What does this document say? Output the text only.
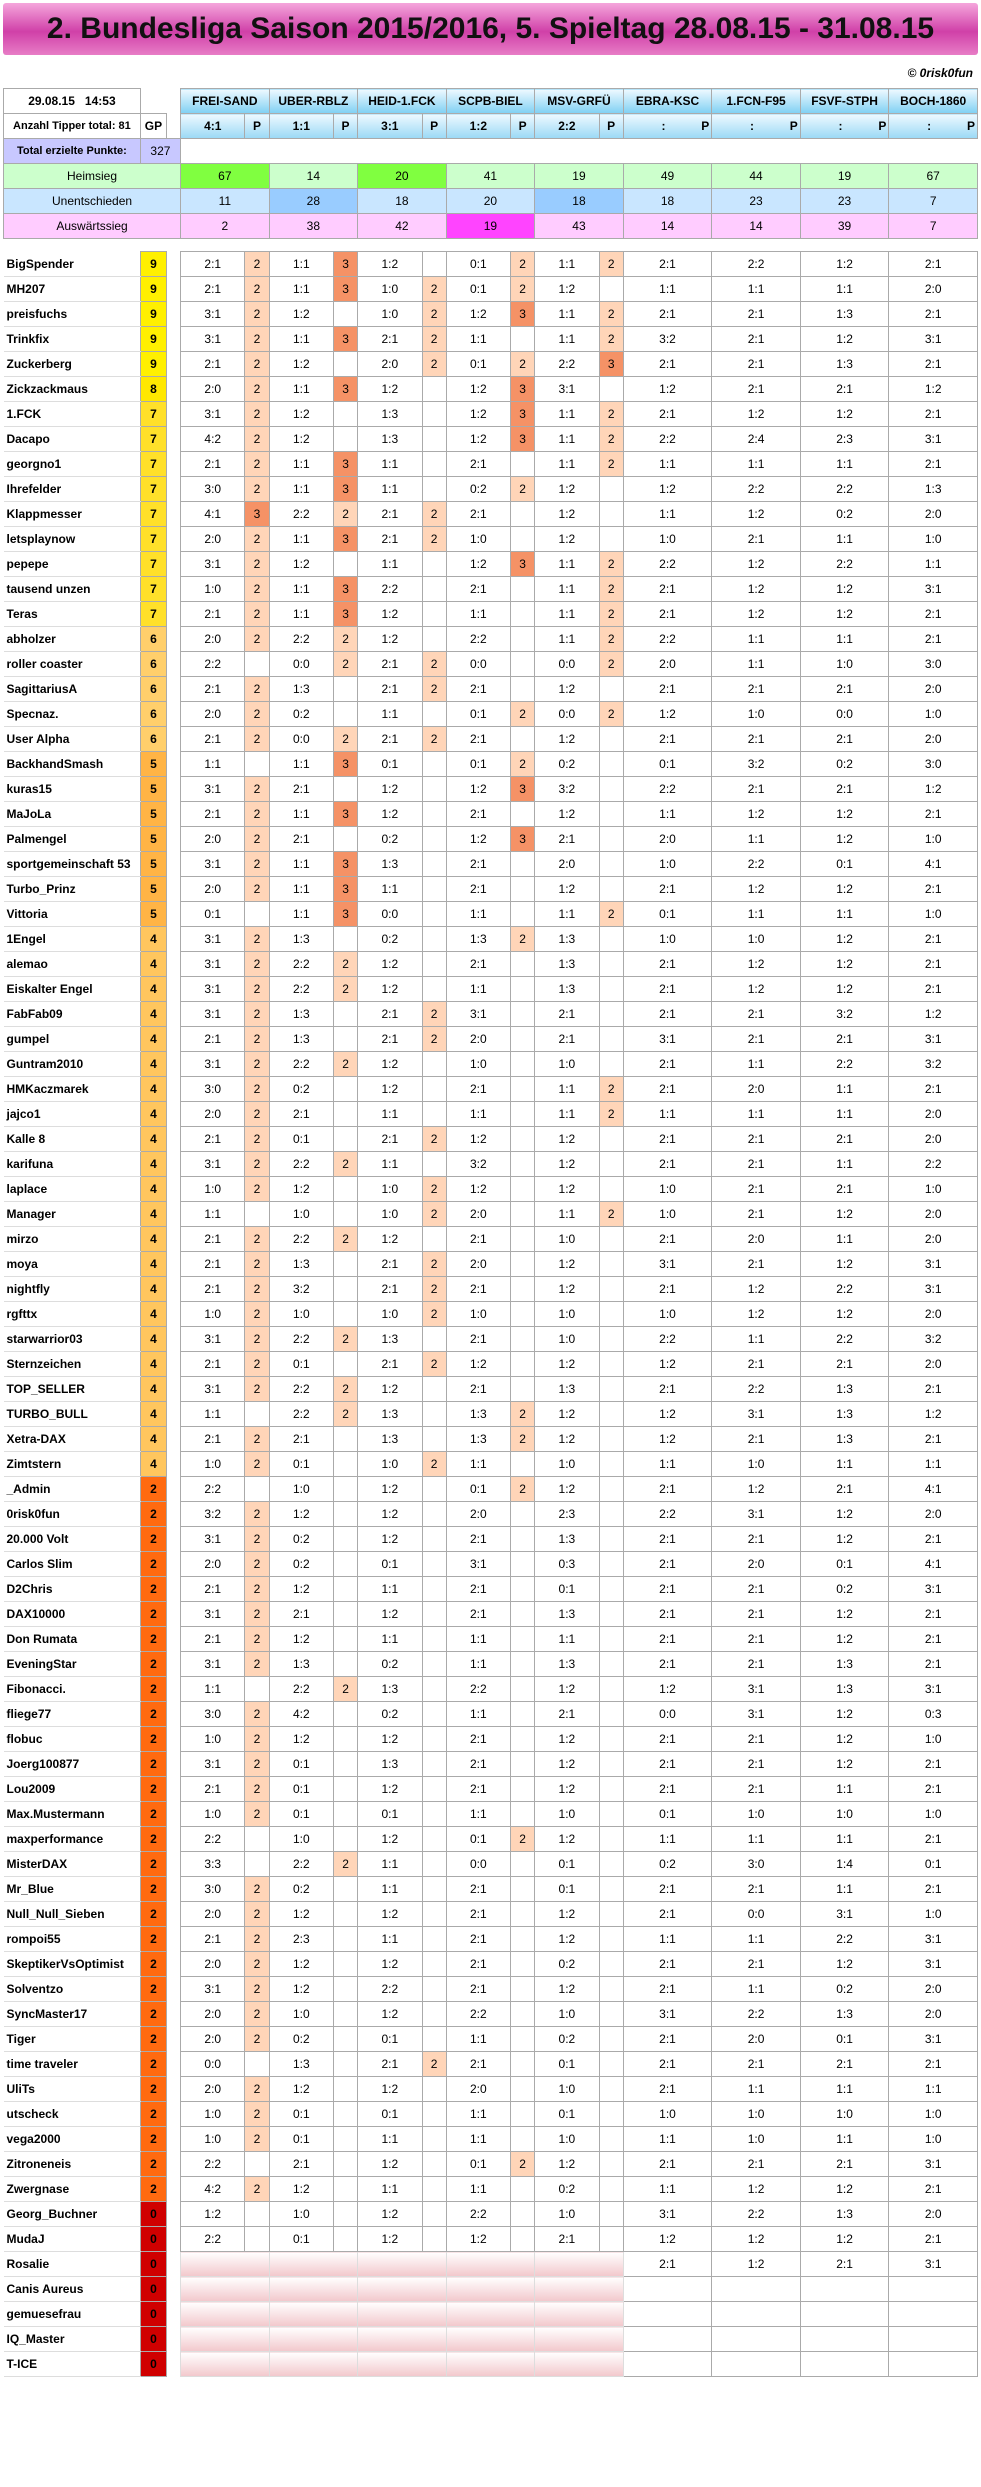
2. Bundesliga Saison 2015/2016, 5. Spieltag 28.08.15 - 31.08.15
© 0risk0fun
29.08.15 14:53			FREI-SAND		UBER-RBLZ		HEID-1.FCK		SCPB-BIEL		MSV-GRFÜ		EBRA-KSC	1.FCN-F95	FSVF-STPH	BOCH-1860
Anzahl Tipper total: 81	GP		4:1	P	1:1	P	3:1	P	1:2	P	2:2	P	: P	: P	: P	: P

Total erzielte Punkte:	327															
Heimsieg			67		14		20		41		19		49	44	19	67
Unentschieden			11		28		18		20		18		18	23	23	7
Auswärtssieg			2		38		42		19		43		14	14	39	7

BigSpender	9		2:1	2	1:1	3	1:2		0:1	2	1:1	2	2:1	2:2	1:2	2:1
MH207	9		2:1	2	1:1	3	1:0	2	0:1	2	1:2		1:1	1:1	1:1	2:0
preisfuchs	9		3:1	2	1:2		1:0	2	1:2	3	1:1	2	2:1	2:1	1:3	2:1
Trinkfix	9		3:1	2	1:1	3	2:1	2	1:1		1:1	2	3:2	2:1	1:2	3:1
Zuckerberg	9		2:1	2	1:2		2:0	2	0:1	2	2:2	3	2:1	2:1	1:3	2:1
Zickzackmaus	8		2:0	2	1:1	3	1:2		1:2	3	3:1		1:2	2:1	2:1	1:2
1.FCK	7		3:1	2	1:2		1:3		1:2	3	1:1	2	2:1	1:2	1:2	2:1
Dacapo	7		4:2	2	1:2		1:3		1:2	3	1:1	2	2:2	2:4	2:3	3:1
georgno1	7		2:1	2	1:1	3	1:1		2:1		1:1	2	1:1	1:1	1:1	2:1
Ihrefelder	7		3:0	2	1:1	3	1:1		0:2	2	1:2		1:2	2:2	2:2	1:3
Klappmesser	7		4:1	3	2:2	2	2:1	2	2:1		1:2		1:1	1:2	0:2	2:0
letsplaynow	7		2:0	2	1:1	3	2:1	2	1:0		1:2		1:0	2:1	1:1	1:0
pepepe	7		3:1	2	1:2		1:1		1:2	3	1:1	2	2:2	1:2	2:2	1:1
tausend unzen	7		1:0	2	1:1	3	2:2		2:1		1:1	2	2:1	1:2	1:2	3:1
Teras	7		2:1	2	1:1	3	1:2		1:1		1:1	2	2:1	1:2	1:2	2:1
abholzer	6		2:0	2	2:2	2	1:2		2:2		1:1	2	2:2	1:1	1:1	2:1
roller coaster	6		2:2		0:0	2	2:1	2	0:0		0:0	2	2:0	1:1	1:0	3:0
SagittariusA	6		2:1	2	1:3		2:1	2	2:1		1:2		2:1	2:1	2:1	2:0
Specnaz.	6		2:0	2	0:2		1:1		0:1	2	0:0	2	1:2	1:0	0:0	1:0
User Alpha	6		2:1	2	0:0	2	2:1	2	2:1		1:2		2:1	2:1	2:1	2:0
BackhandSmash	5		1:1		1:1	3	0:1		0:1	2	0:2		0:1	3:2	0:2	3:0
kuras15	5		3:1	2	2:1		1:2		1:2	3	3:2		2:2	2:1	2:1	1:2
MaJoLa	5		2:1	2	1:1	3	1:2		2:1		1:2		1:1	1:2	1:2	2:1
Palmengel	5		2:0	2	2:1		0:2		1:2	3	2:1		2:0	1:1	1:2	1:0
sportgemeinschaft 53	5		3:1	2	1:1	3	1:3		2:1		2:0		1:0	2:2	0:1	4:1
Turbo_Prinz	5		2:0	2	1:1	3	1:1		2:1		1:2		2:1	1:2	1:2	2:1
Vittoria	5		0:1		1:1	3	0:0		1:1		1:1	2	0:1	1:1	1:1	1:0
1Engel	4		3:1	2	1:3		0:2		1:3	2	1:3		1:0	1:0	1:2	2:1
alemao	4		3:1	2	2:2	2	1:2		2:1		1:3		2:1	1:2	1:2	2:1
Eiskalter Engel	4		3:1	2	2:2	2	1:2		1:1		1:3		2:1	1:2	1:2	2:1
FabFab09	4		3:1	2	1:3		2:1	2	3:1		2:1		2:1	2:1	3:2	1:2
gumpel	4		2:1	2	1:3		2:1	2	2:0		2:1		3:1	2:1	2:1	3:1
Guntram2010	4		3:1	2	2:2	2	1:2		1:0		1:0		2:1	1:1	2:2	3:2
HMKaczmarek	4		3:0	2	0:2		1:2		2:1		1:1	2	2:1	2:0	1:1	2:1
jajco1	4		2:0	2	2:1		1:1		1:1		1:1	2	1:1	1:1	1:1	2:0
Kalle 8	4		2:1	2	0:1		2:1	2	1:2		1:2		2:1	2:1	2:1	2:0
karifuna	4		3:1	2	2:2	2	1:1		3:2		1:2		2:1	2:1	1:1	2:2
laplace	4		1:0	2	1:2		1:0	2	1:2		1:2		1:0	2:1	2:1	1:0
Manager	4		1:1		1:0		1:0	2	2:0		1:1	2	1:0	2:1	1:2	2:0
mirzo	4		2:1	2	2:2	2	1:2		2:1		1:0		2:1	2:0	1:1	2:0
moya	4		2:1	2	1:3		2:1	2	2:0		1:2		3:1	2:1	1:2	3:1
nightfly	4		2:1	2	3:2		2:1	2	2:1		1:2		2:1	1:2	2:2	3:1
rgfttx	4		1:0	2	1:0		1:0	2	1:0		1:0		1:0	1:2	1:2	2:0
starwarrior03	4		3:1	2	2:2	2	1:3		2:1		1:0		2:2	1:1	2:2	3:2
Sternzeichen	4		2:1	2	0:1		2:1	2	1:2		1:2		1:2	2:1	2:1	2:0
TOP_SELLER	4		3:1	2	2:2	2	1:2		2:1		1:3		2:1	2:2	1:3	2:1
TURBO_BULL	4		1:1		2:2	2	1:3		1:3	2	1:2		1:2	3:1	1:3	1:2
Xetra-DAX	4		2:1	2	2:1		1:3		1:3	2	1:2		1:2	2:1	1:3	2:1
Zimtstern	4		1:0	2	0:1		1:0	2	1:1		1:0		1:1	1:0	1:1	1:1
_Admin	2		2:2		1:0		1:2		0:1	2	1:2		2:1	1:2	2:1	4:1
0risk0fun	2		3:2	2	1:2		1:2		2:0		2:3		2:2	3:1	1:2	2:0
20.000 Volt	2		3:1	2	0:2		1:2		2:1		1:3		2:1	2:1	1:2	2:1
Carlos Slim	2		2:0	2	0:2		0:1		3:1		0:3		2:1	2:0	0:1	4:1
D2Chris	2		2:1	2	1:2		1:1		2:1		0:1		2:1	2:1	0:2	3:1
DAX10000	2		3:1	2	2:1		1:2		2:1		1:3		2:1	2:1	1:2	2:1
Don Rumata	2		2:1	2	1:2		1:1		1:1		1:1		2:1	2:1	1:2	2:1
EveningStar	2		3:1	2	1:3		0:2		1:1		1:3		2:1	2:1	1:3	2:1
Fibonacci.	2		1:1		2:2	2	1:3		2:2		1:2		1:2	3:1	1:3	3:1
fliege77	2		3:0	2	4:2		0:2		1:1		2:1		0:0	3:1	1:2	0:3
flobuc	2		1:0	2	1:2		1:2		2:1		1:2		2:1	2:1	1:2	1:0
Joerg100877	2		3:1	2	0:1		1:3		2:1		1:2		2:1	2:1	1:2	2:1
Lou2009	2		2:1	2	0:1		1:2		2:1		1:2		2:1	2:1	1:1	2:1
Max.Mustermann	2		1:0	2	0:1		0:1		1:1		1:0		0:1	1:0	1:0	1:0
maxperformance	2		2:2		1:0		1:2		0:1	2	1:2		1:1	1:1	1:1	2:1
MisterDAX	2		3:3		2:2	2	1:1		0:0		0:1		0:2	3:0	1:4	0:1
Mr_Blue	2		3:0	2	0:2		1:1		2:1		0:1		2:1	2:1	1:1	2:1
Null_Null_Sieben	2		2:0	2	1:2		1:2		2:1		1:2		2:1	0:0	3:1	1:0
rompoi55	2		2:1	2	2:3		1:1		2:1		1:2		1:1	1:1	2:2	3:1
SkeptikerVsOptimist	2		2:0	2	1:2		1:2		2:1		0:2		2:1	2:1	1:2	3:1
Solventzo	2		3:1	2	1:2		2:2		2:1		1:2		2:1	1:1	0:2	2:0
SyncMaster17	2		2:0	2	1:0		1:2		2:2		1:0		3:1	2:2	1:3	2:0
Tiger	2		2:0	2	0:2		0:1		1:1		0:2		2:1	2:0	0:1	3:1
time traveler	2		0:0		1:3		2:1	2	2:1		0:1		2:1	2:1	2:1	2:1
UliTs	2		2:0	2	1:2		1:2		2:0		1:0		2:1	1:1	1:1	1:1
utscheck	2		1:0	2	0:1		0:1		1:1		0:1		1:0	1:0	1:0	1:0
vega2000	2		1:0	2	0:1		1:1		1:1		1:0		1:1	1:0	1:1	1:0
Zitroneneis	2		2:2		2:1		1:2		0:1	2	1:2		2:1	2:1	2:1	3:1
Zwergnase	2		4:2	2	1:2		1:1		1:1		0:2		1:1	1:2	1:2	2:1
Georg_Buchner	0		1:2		1:0		1:2		2:2		1:0		3:1	2:2	1:3	2:0
MudaJ	0		2:2		0:1		1:2		1:2		2:1		1:2	1:2	1:2	2:1
Rosalie	0												2:1	1:2	2:1	3:1
Canis Aureus	0															
gemuesefrau	0															
IQ_Master	0															
T-ICE	0															
